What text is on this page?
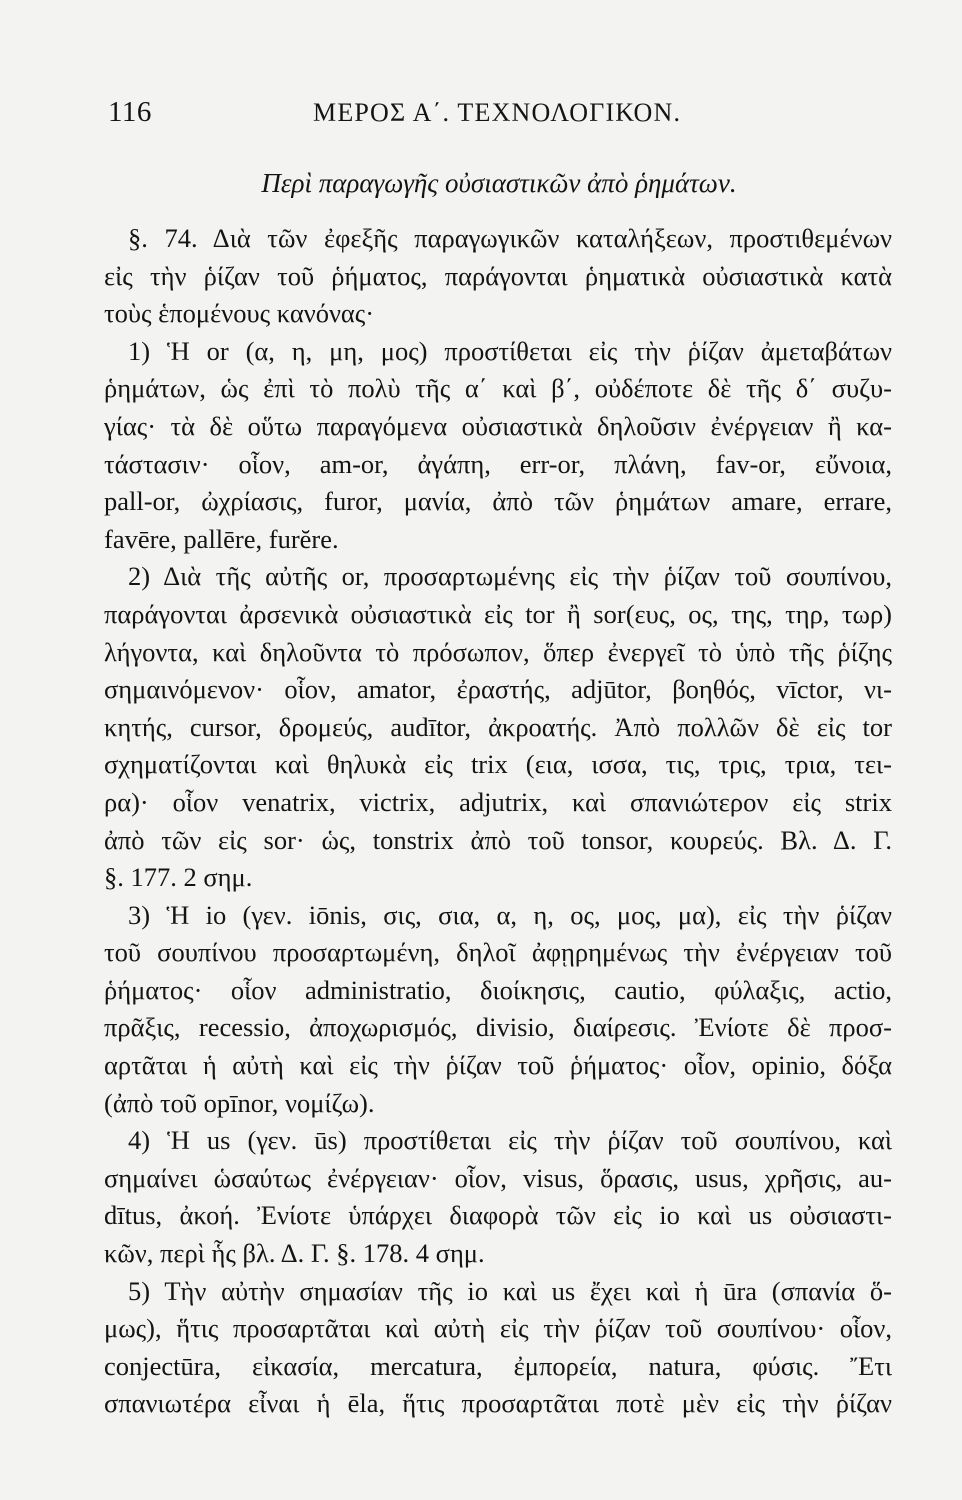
116	ΜΕΡΟΣ Α΄. ΤΕΧΝΟΛΟΓΙΚΟΝ.
Περὶ παραγωγῆς οὐσιαστικῶν ἀπὸ ῥημάτων.
§. 74. Διὰ τῶν ἐφεξῆς παραγωγικῶν καταλήξεων, προστιθεμένων
εἰς τὴν ῥίζαν τοῦ ῥήματος, παράγονται ῥηματικὰ οὐσιαστικὰ κατὰ
τοὺς ἑπομένους κανόνας·
1) Ἡ or (α, η, μη, μος) προστίθεται εἰς τὴν ῥίζαν ἀμεταβάτων
ῥημάτων, ὡς ἐπὶ τὸ πολὺ τῆς α΄ καὶ β΄, οὐδέποτε δὲ τῆς δ΄ συζυ-
γίας· τὰ δὲ οὕτω παραγόμενα οὐσιαστικὰ δηλοῦσιν ἐνέργειαν ἢ κα-
τάστασιν· οἷον, am-or, ἀγάπη, err-or, πλάνη, fav-or, εὔνοια,
pall-or, ὠχρίασις, furor, μανία, ἀπὸ τῶν ῥημάτων amare, errare,
favēre, pallēre, furĕre.
2) Διὰ τῆς αὐτῆς or, προσαρτωμένης εἰς τὴν ῥίζαν τοῦ σουπίνου,
παράγονται ἀρσενικὰ οὐσιαστικὰ εἰς tor ἢ sor(ευς, ος, της, τηρ, τωρ)
λήγοντα, καὶ δηλοῦντα τὸ πρόσωπον, ὅπερ ἐνεργεῖ τὸ ὑπὸ τῆς ῥίζης
σημαινόμενον· οἷον, amator, ἐραστής, adjūtor, βοηθός, vīctor, νι-
κητής, cursor, δρομεύς, audītor, ἀκροατής. Ἀπὸ πολλῶν δὲ εἰς tor
σχηματίζονται καὶ θηλυκὰ εἰς trix (εια, ισσα, τις, τρις, τρια, τει-
ρα)· οἷον venatrix, victrix, adjutrix, καὶ σπανιώτερον εἰς strix
ἀπὸ τῶν εἰς sor· ὡς, tonstrix ἀπὸ τοῦ tonsor, κουρεύς. Βλ. Δ. Γ.
§. 177. 2 σημ.
3) Ἡ io (γεν. iōnis, σις, σια, α, η, ος, μος, μα), εἰς τὴν ῥίζαν
τοῦ σουπίνου προσαρτωμένη, δηλοῖ ἀφῃρημένως τὴν ἐνέργειαν τοῦ
ῥήματος· οἷον administratio, διοίκησις, cautio, φύλαξις, actio,
πρᾶξις, recessio, ἀποχωρισμός, divisio, διαίρεσις. Ἐνίοτε δὲ προσ-
αρτᾶται ἡ αὐτὴ καὶ εἰς τὴν ῥίζαν τοῦ ῥήματος· οἷον, opinio, δόξα
(ἀπὸ τοῦ opīnor, νομίζω).
4) Ἡ us (γεν. ūs) προστίθεται εἰς τὴν ῥίζαν τοῦ σουπίνου, καὶ
σημαίνει ὡσαύτως ἐνέργειαν· οἷον, visus, ὅρασις, usus, χρῆσις, au-
dītus, ἀκοή. Ἐνίοτε ὑπάρχει διαφορὰ τῶν εἰς io καὶ us οὐσιαστι-
κῶν, περὶ ἧς βλ. Δ. Γ. §. 178. 4 σημ.
5) Τὴν αὐτὴν σημασίαν τῆς io καὶ us ἔχει καὶ ἡ ūra (σπανία ὅ-
μως), ἥτις προσαρτᾶται καὶ αὐτὴ εἰς τὴν ῥίζαν τοῦ σουπίνου· οἷον,
conjectūra, εἰκασία, mercatura, ἐμπορεία, natura, φύσις. Ἔτι
σπανιωτέρα εἶναι ἡ ēla, ἥτις προσαρτᾶται ποτὲ μὲν εἰς τὴν ῥίζαν
